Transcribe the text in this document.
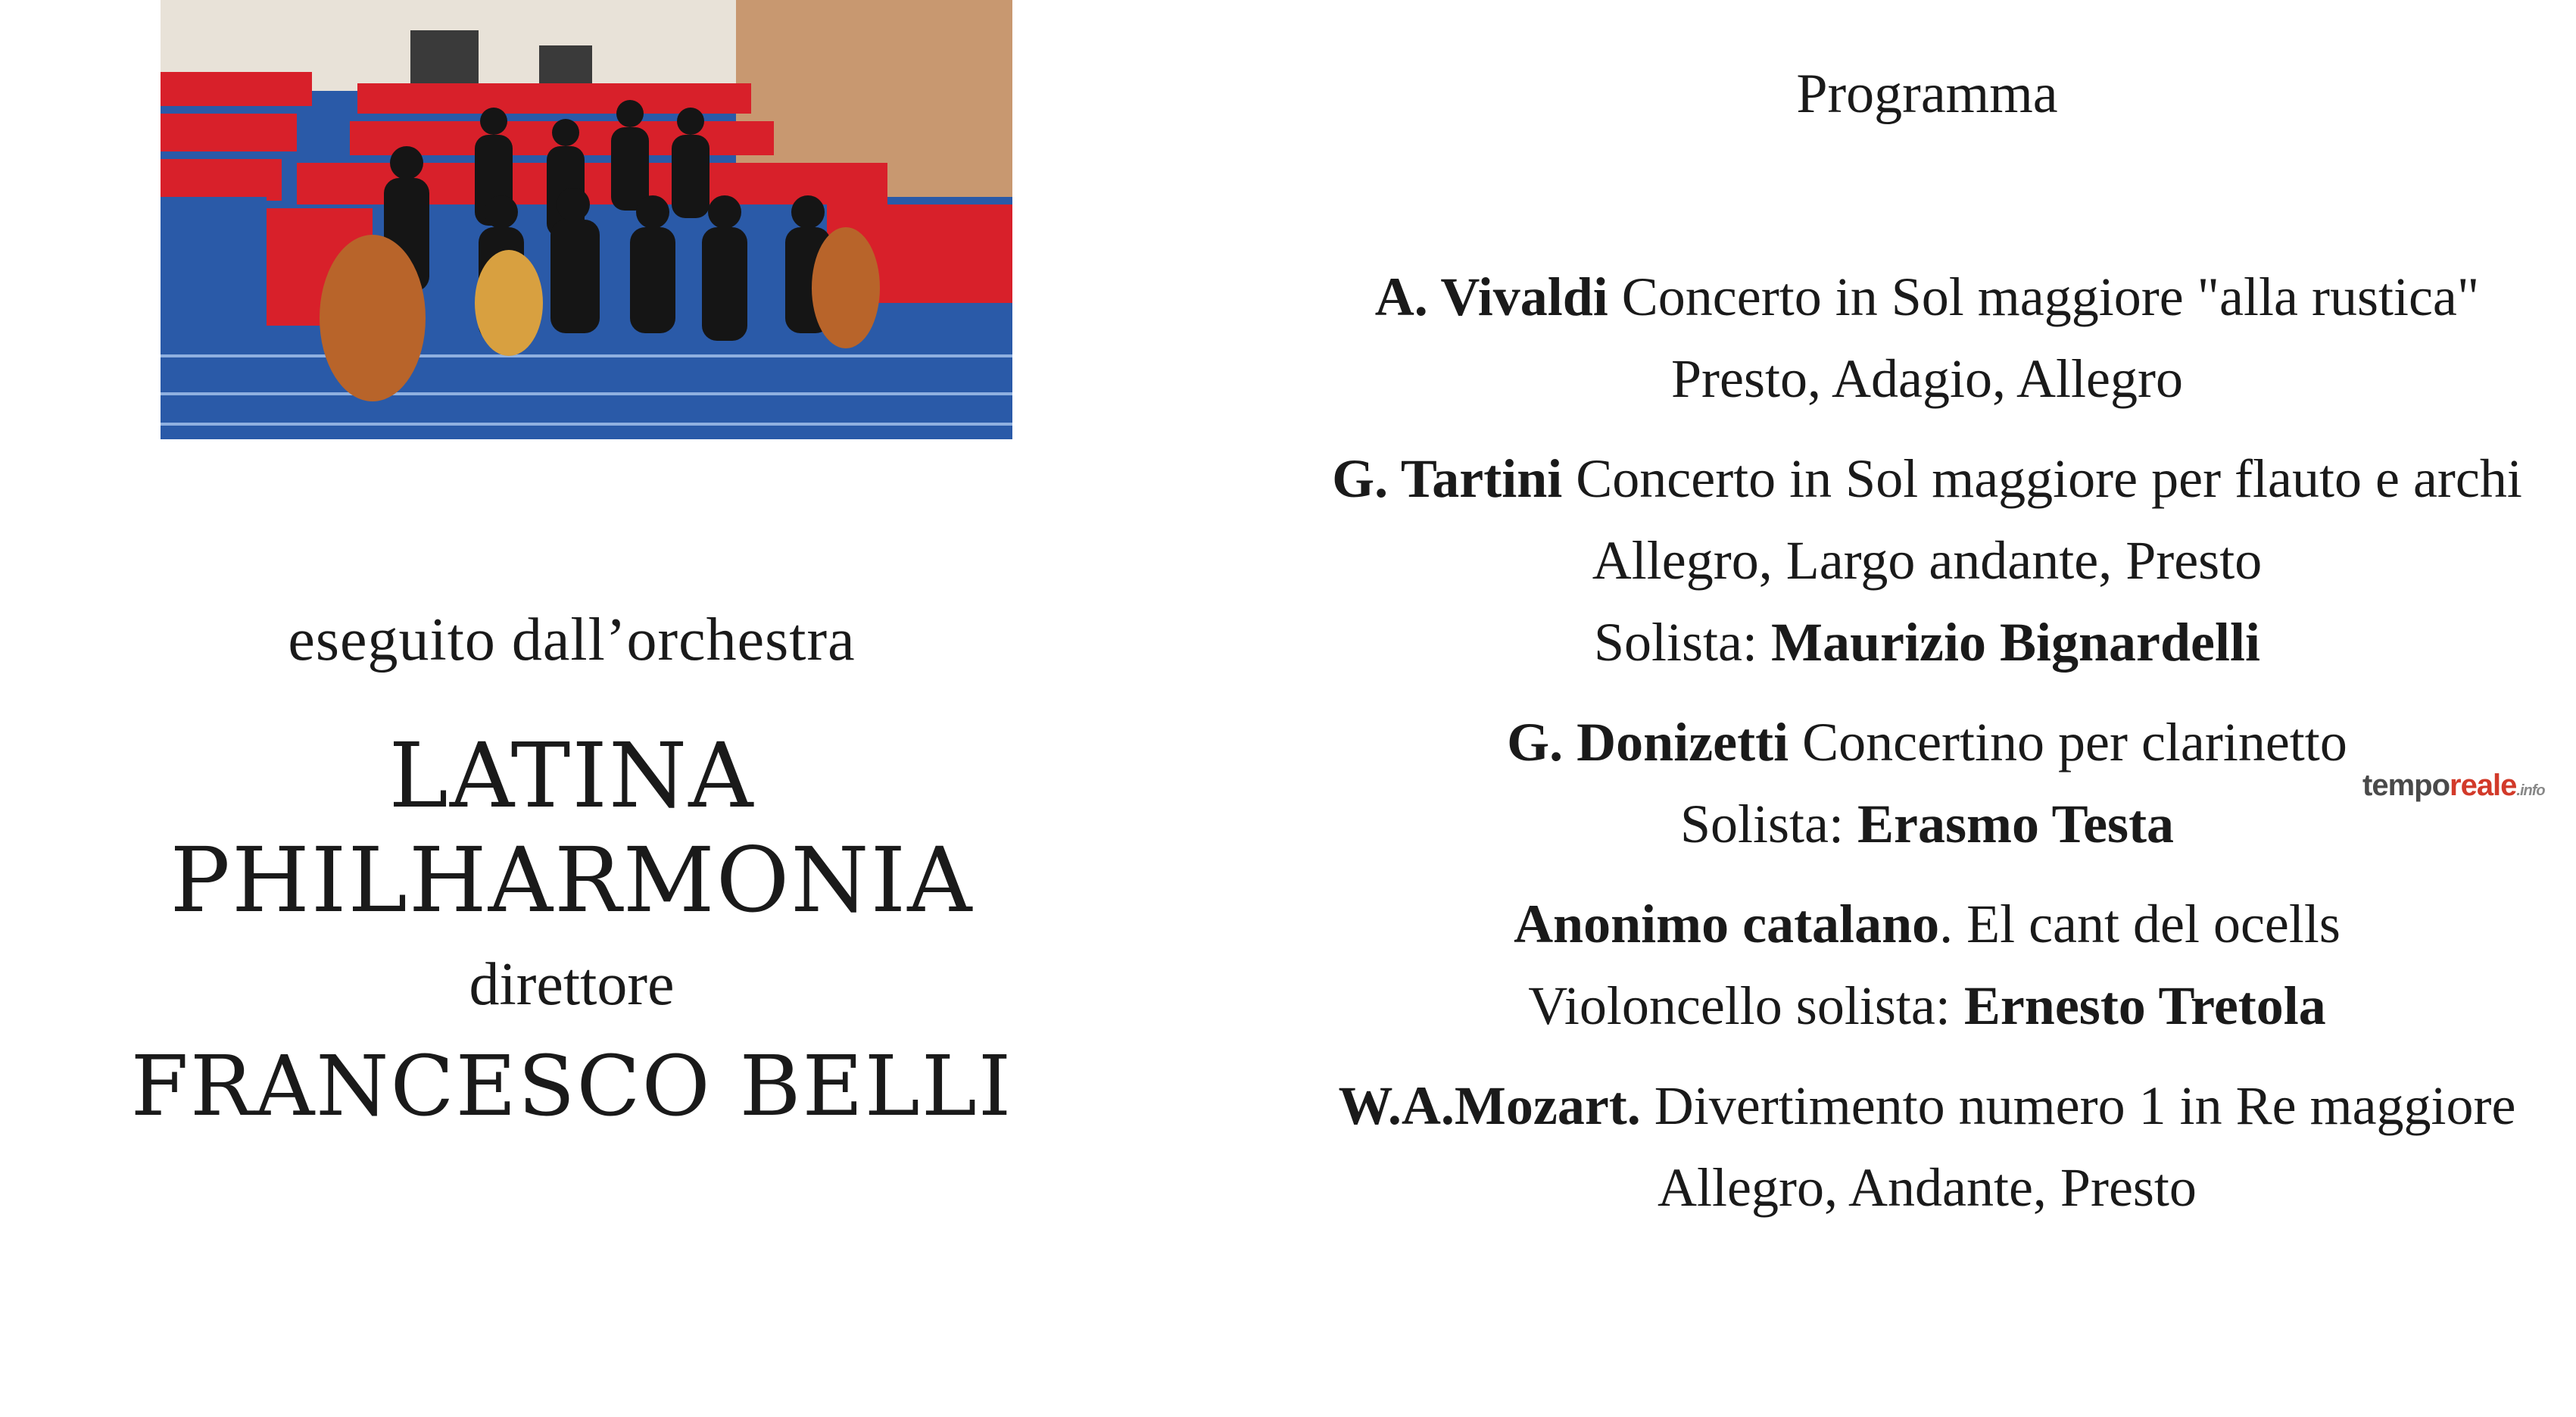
eseguito dall’orchestra
LATINA PHILHARMONIA
direttore
FRANCESCO BELLI
Programma
A. Vivaldi Concerto in Sol maggiore "alla rustica"
Presto, Adagio, Allegro
G. Tartini Concerto in Sol maggiore per flauto e archi
Allegro, Largo andante, Presto
Solista: Maurizio Bignardelli
G. Donizetti Concertino per clarinetto
Solista: Erasmo Testa
Anonimo catalano. El cant del ocells
Violoncello solista: Ernesto Tretola
W.A.Mozart. Divertimento numero 1 in Re maggiore
Allegro, Andante, Presto
temporeale.info
